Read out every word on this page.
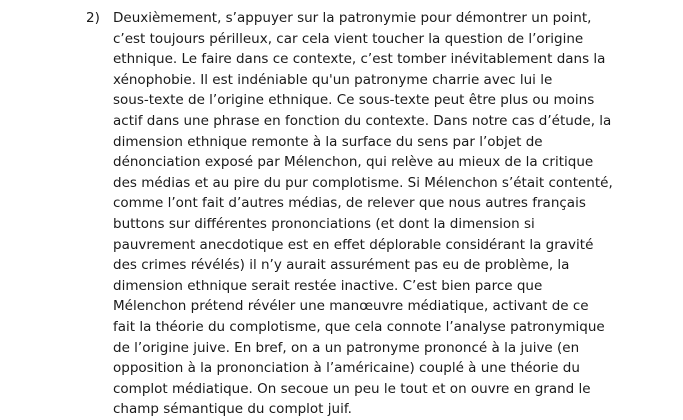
2) Deuxièmement, s’appuyer sur la patronymie pour démontrer un point,
c’est toujours périlleux, car cela vient toucher la question de l’origine
ethnique. Le faire dans ce contexte, c’est tomber inévitablement dans la
xénophobie. Il est indéniable qu'un patronyme charrie avec lui le
sous-texte de l’origine ethnique. Ce sous-texte peut être plus ou moins
actif dans une phrase en fonction du contexte. Dans notre cas d’étude, la
dimension ethnique remonte à la surface du sens par l’objet de
dénonciation exposé par Mélenchon, qui relève au mieux de la critique
des médias et au pire du pur complotisme. Si Mélenchon s’était contenté,
comme l’ont fait d’autres médias, de relever que nous autres français
buttons sur différentes prononciations (et dont la dimension si
pauvrement anecdotique est en effet déplorable considérant la gravité
des crimes révélés) il n’y aurait assurément pas eu de problème, la
dimension ethnique serait restée inactive. C’est bien parce que
Mélenchon prétend révéler une manœuvre médiatique, activant de ce
fait la théorie du complotisme, que cela connote l’analyse patronymique
de l’origine juive. En bref, on a un patronyme prononcé à la juive (en
opposition à la prononciation à l’américaine) couplé à une théorie du
complot médiatique. On secoue un peu le tout et on ouvre en grand le
champ sémantique du complot juif.
